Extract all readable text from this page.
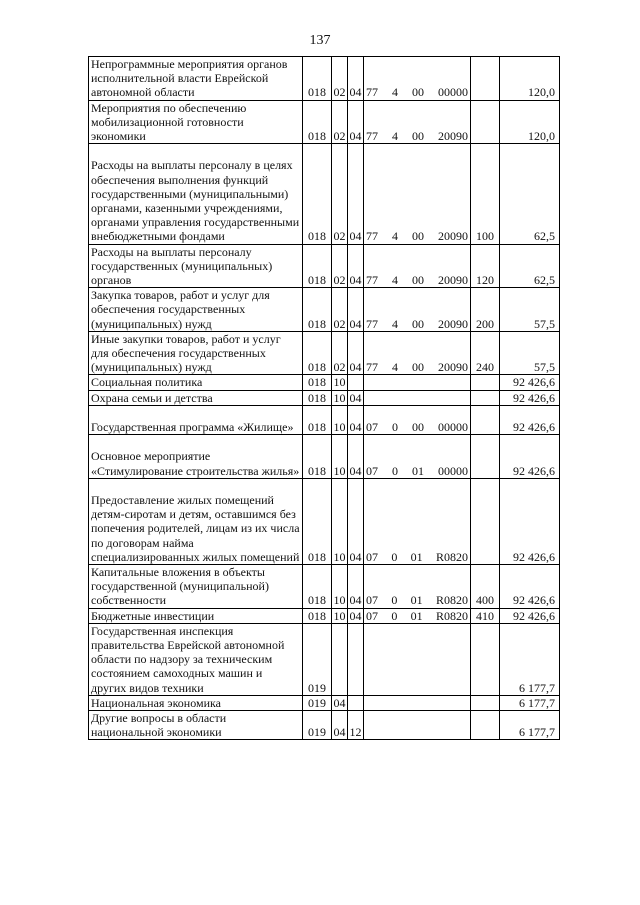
137
Непрограммные мероприятия органов исполнительной власти Еврейской автономной области	018	02	04	77 4 00 00000		120,0
Мероприятия по обеспечению мобилизационной готовности экономики	018	02	04	77 4 00 20090		120,0
Расходы на выплаты персоналу в целях обеспечения выполнения функций государственными (муниципальными) органами, казенными учреждениями, органами управления государственными внебюджетными фондами	018	02	04	77 4 00 20090	100	62,5
Расходы на выплаты персоналу государственных (муниципальных) органов	018	02	04	77 4 00 20090	120	62,5
Закупка товаров, работ и услуг для обеспечения государственных (муниципальных) нужд	018	02	04	77 4 00 20090	200	57,5
Иные закупки товаров, работ и услуг для обеспечения государственных (муниципальных) нужд	018	02	04	77 4 00 20090	240	57,5
Социальная политика	018	10				92 426,6
Охрана семьи и детства	018	10	04			92 426,6
Государственная программа «Жилище»	018	10	04	07 0 00 00000		92 426,6
Основное мероприятие «Стимулирование строительства жилья»	018	10	04	07 0 01 00000		92 426,6
Предоставление жилых помещений детям-сиротам и детям, оставшимся без попечения родителей, лицам из их числа по договорам найма специализированных жилых помещений	018	10	04	07 0 01 R0820		92 426,6
Капитальные вложения в объекты государственной (муниципальной) собственности	018	10	04	07 0 01 R0820	400	92 426,6
Бюджетные инвестиции	018	10	04	07 0 01 R0820	410	92 426,6
Государственная инспекция правительства Еврейской автономной области по надзору за техническим состоянием самоходных машин и других видов техники	019					6 177,7
Национальная экономика	019	04				6 177,7
Другие вопросы в области национальной экономики	019	04	12			6 177,7
